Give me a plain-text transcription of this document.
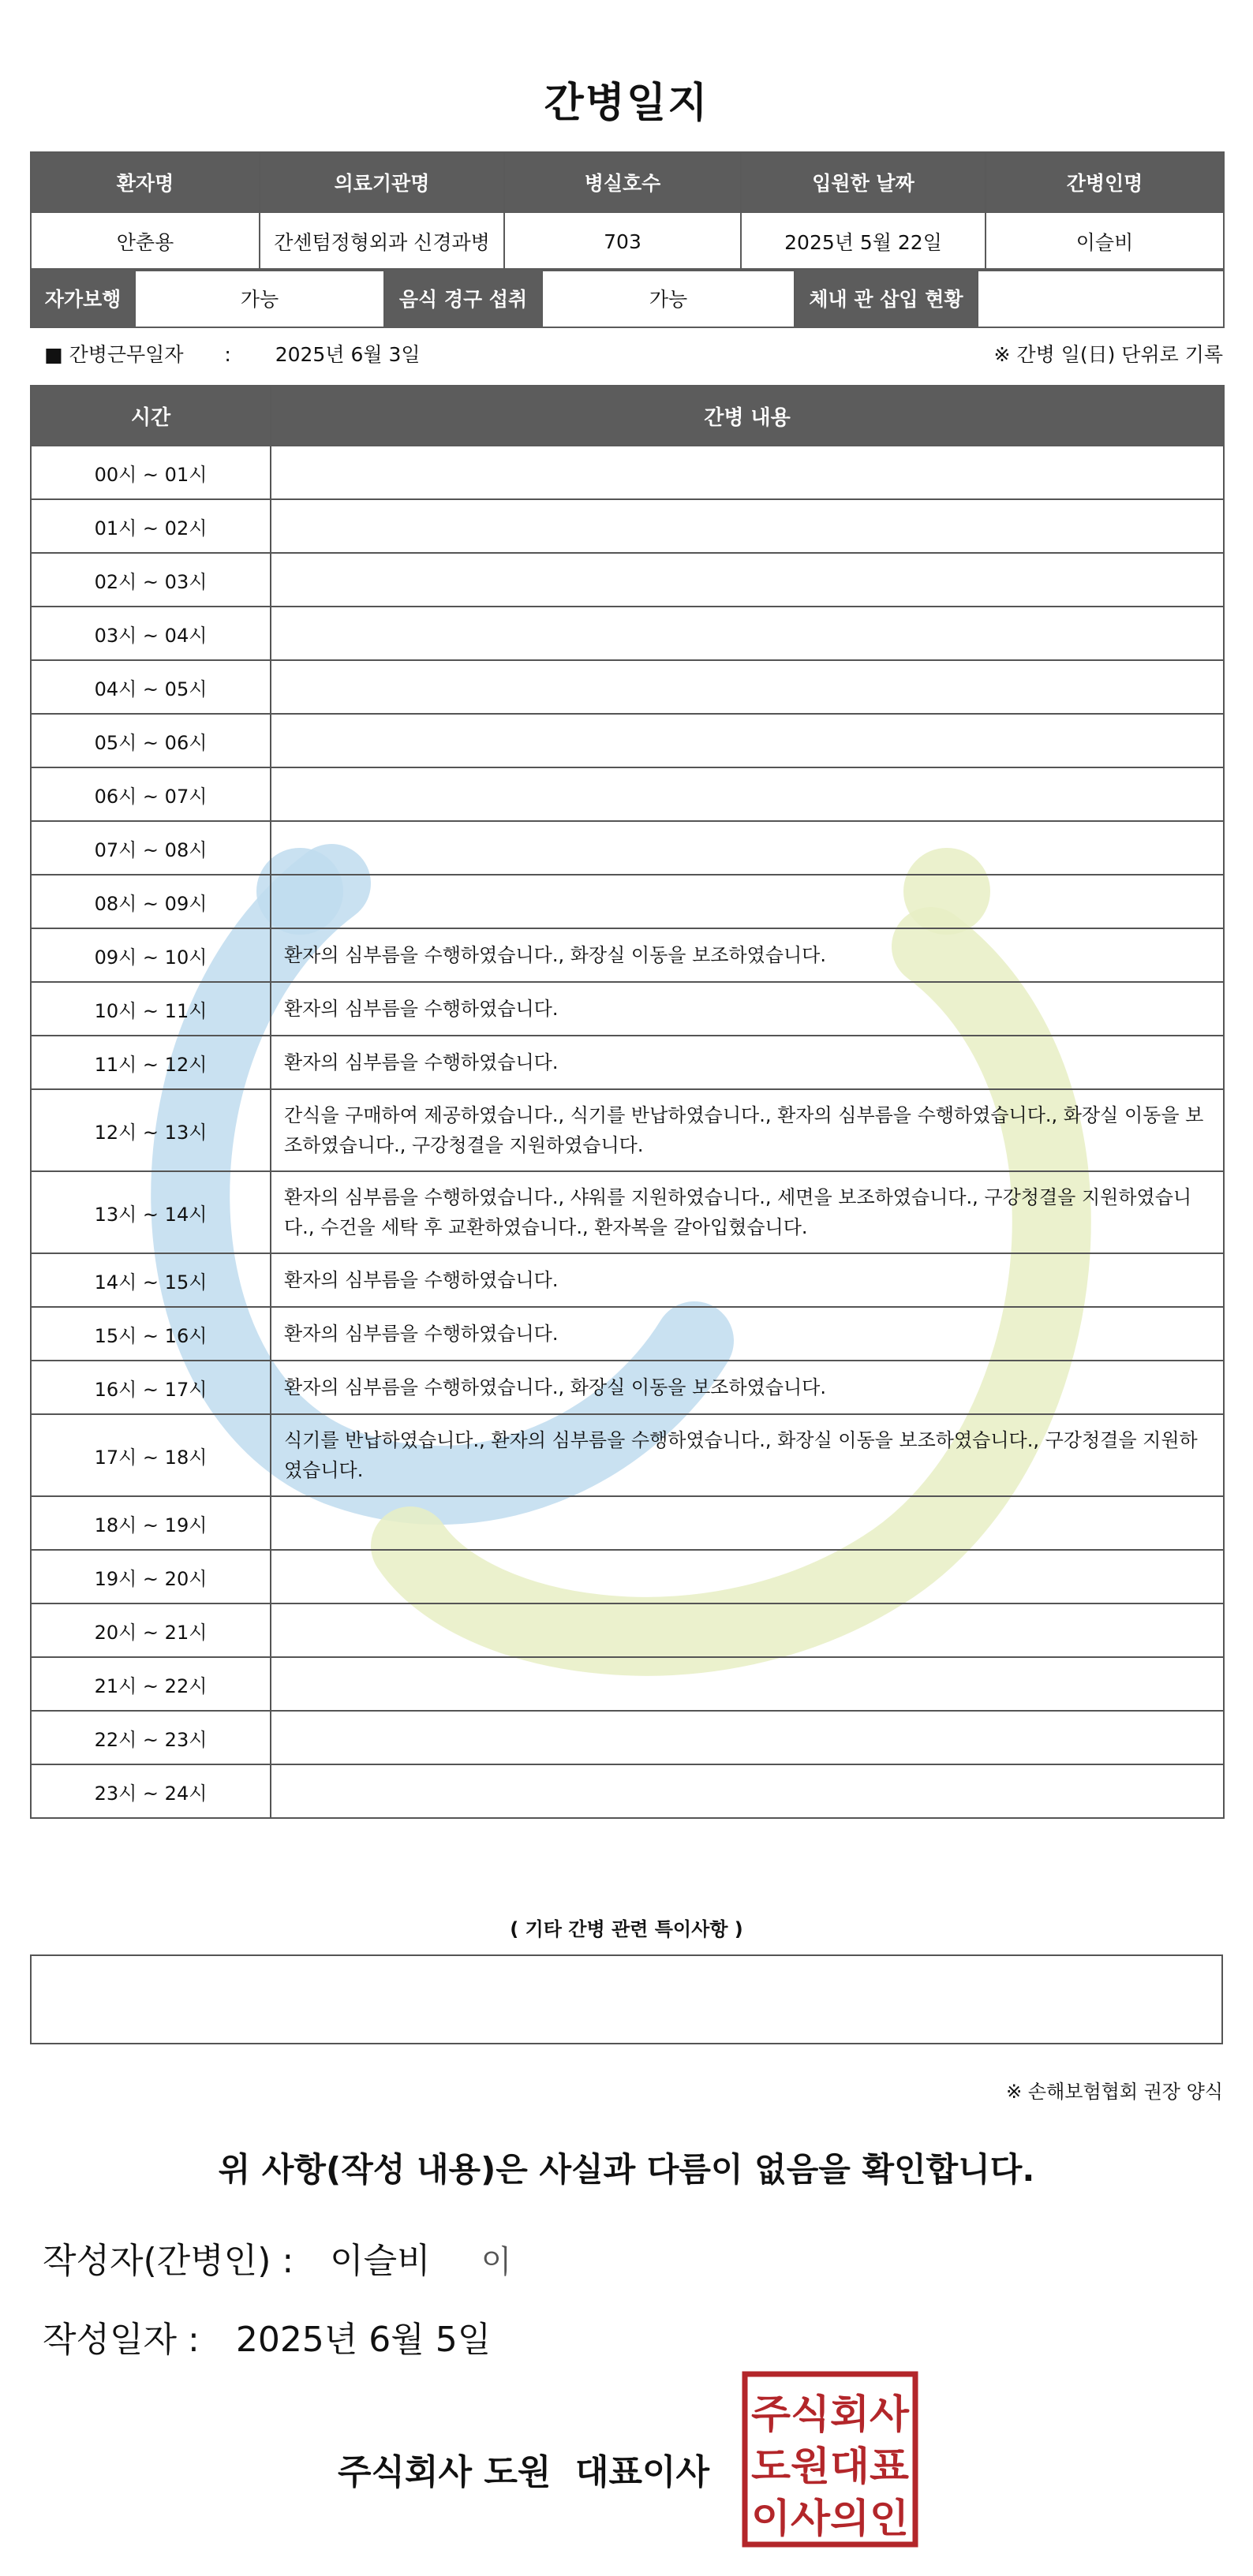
간병일지
환자명	의료기관명	병실호수	입원한 날짜	간병인명
안춘용	간센텀정형외과 신경과병	703	2025년 5월 22일	이슬비
자가보행	가능	음식 경구 섭취	가능	체내 관 삽입 현황	
■ 간병근무일자 : 2025년 6월 3일	※ 간병 일(日) 단위로 기록
시간	간병 내용
00시 ~ 01시	
01시 ~ 02시	
02시 ~ 03시	
03시 ~ 04시	
04시 ~ 05시	
05시 ~ 06시	
06시 ~ 07시	
07시 ~ 08시	
08시 ~ 09시	
09시 ~ 10시	환자의 심부름을 수행하였습니다., 화장실 이동을 보조하였습니다.
10시 ~ 11시	환자의 심부름을 수행하였습니다.
11시 ~ 12시	환자의 심부름을 수행하였습니다.
12시 ~ 13시	간식을 구매하여 제공하였습니다., 식기를 반납하였습니다., 환자의 심부름을 수행하였습니다., 화장실 이동을 보조하였습니다., 구강청결을 지원하였습니다.
13시 ~ 14시	환자의 심부름을 수행하였습니다., 샤워를 지원하였습니다., 세면을 보조하였습니다., 구강청결을 지원하였습니다., 수건을 세탁 후 교환하였습니다., 환자복을 갈아입혔습니다.
14시 ~ 15시	환자의 심부름을 수행하였습니다.
15시 ~ 16시	환자의 심부름을 수행하였습니다.
16시 ~ 17시	환자의 심부름을 수행하였습니다., 화장실 이동을 보조하였습니다.
17시 ~ 18시	식기를 반납하였습니다., 환자의 심부름을 수행하였습니다., 화장실 이동을 보조하였습니다., 구강청결을 지원하였습니다.
18시 ~ 19시	
19시 ~ 20시	
20시 ~ 21시	
21시 ~ 22시	
22시 ~ 23시	
23시 ~ 24시	
( 기타 간병 관련 특이사항 )
※ 손해보험협회 권장 양식
위 사항(작성 내용)은 사실과 다름이 없음을 확인합니다.
작성자(간병인) : 이슬비 이
작성일자 : 2025년 6월 5일
주식회사 도원  대표이사
주식회사
도원대표
이사의인
